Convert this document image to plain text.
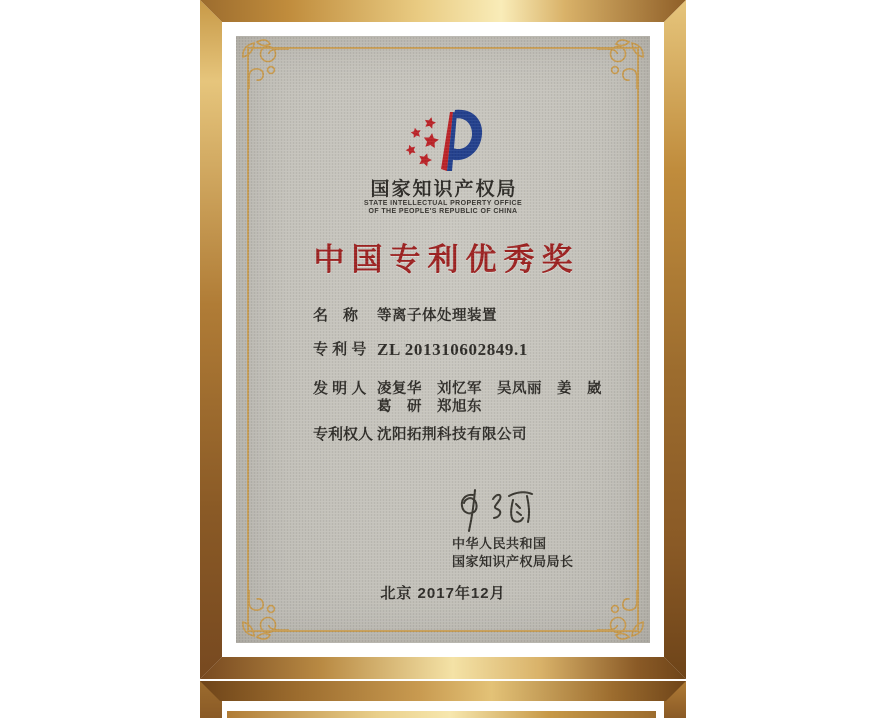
国家知识产权局
STATE INTELLECTUAL PROPERTY OFFICE
OF THE PEOPLE'S REPUBLIC OF CHINA
中国专利优秀奖
名　称	等离子体处理装置
专 利 号 ZL 201310602849.1
发 明 人 凌复华　刘忆军　吴凤丽　姜　崴
葛　研　郑旭东
专利权人 沈阳拓荆科技有限公司
中华人民共和国
国家知识产权局局长
北京 2017年12月
